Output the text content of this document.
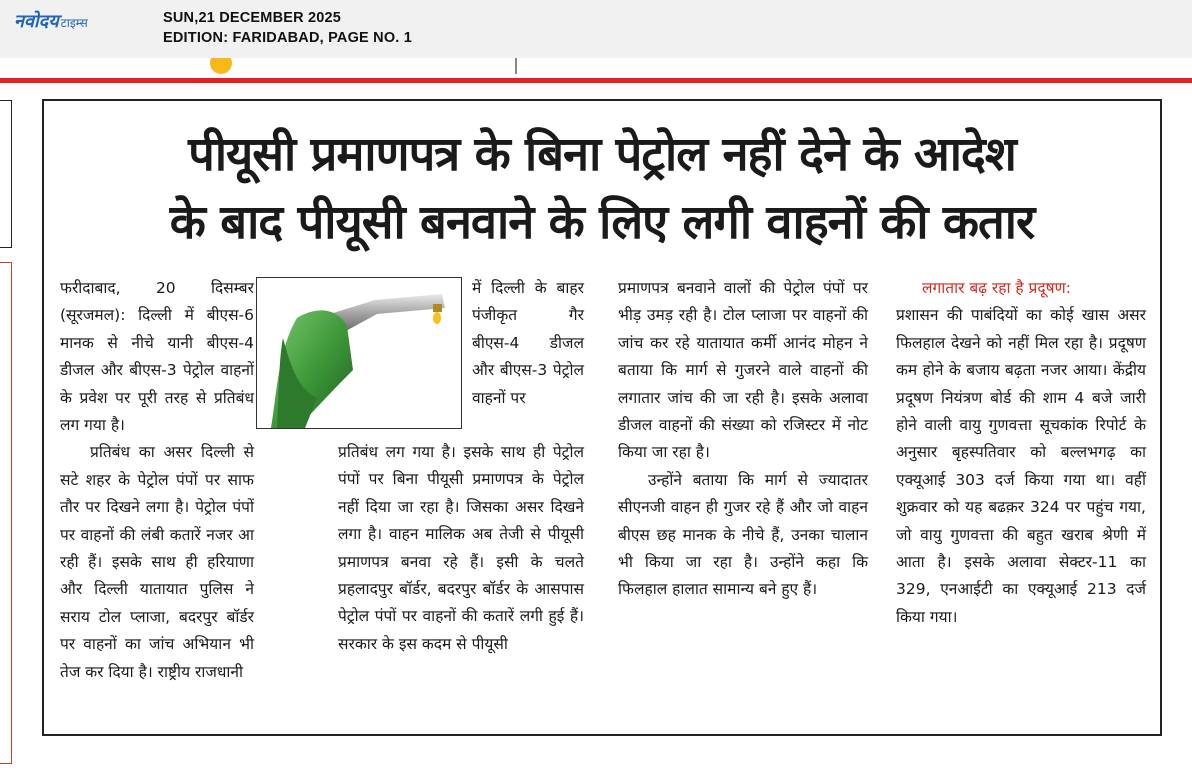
नवोदय टाइम्स	SUN,21 DECEMBER 2025
EDITION: FARIDABAD, PAGE NO. 1
पीयूसी प्रमाणपत्र के बिना पेट्रोल नहीं देने के आदेश
के बाद पीयूसी बनवाने के लिए लगी वाहनों की कतार

फरीदाबाद, 20 दिसम्बर (सूरजमल): दिल्ली में बीएस-6 मानक से नीचे यानी बीएस-4 डीजल और बीएस-3 पेट्रोल वाहनों के प्रवेश पर पूरी तरह से प्रतिबंध लग गया है।

प्रतिबंध का असर दिल्ली से सटे शहर के पेट्रोल पंपों पर साफ तौर पर दिखने लगा है। पेट्रोल पंपों पर वाहनों की लंबी कतारें नजर आ रही हैं। इसके साथ ही हरियाणा और दिल्ली यातायात पुलिस ने सराय टोल प्लाजा, बदरपुर बॉर्डर पर वाहनों का जांच अभियान भी तेज कर दिया है। राष्ट्रीय राजधानी

में दिल्ली के बाहर पंजीकृत गैर बीएस-4 डीजल और बीएस-3 पेट्रोल वाहनों पर

प्रतिबंध लग गया है। इसके साथ ही पेट्रोल पंपों पर बिना पीयूसी प्रमाणपत्र के पेट्रोल नहीं दिया जा रहा है। जिसका असर दिखने लगा है। वाहन मालिक अब तेजी से पीयूसी प्रमाणपत्र बनवा रहे हैं। इसी के चलते प्रहलादपुर बॉर्डर, बदरपुर बॉर्डर के आसपास पेट्रोल पंपों पर वाहनों की कतारें लगी हुई हैं। सरकार के इस कदम से पीयूसी

प्रमाणपत्र बनवाने वालों की पेट्रोल पंपों पर भीड़ उमड़ रही है। टोल प्लाजा पर वाहनों की जांच कर रहे यातायात कर्मी आनंद मोहन ने बताया कि मार्ग से गुजरने वाले वाहनों की लगातार जांच की जा रही है। इसके अलावा डीजल वाहनों की संख्या को रजिस्टर में नोट किया जा रहा है।

उन्होंने बताया कि मार्ग से ज्यादातर सीएनजी वाहन ही गुजर रहे हैं और जो वाहन बीएस छह मानक के नीचे हैं, उनका चालान भी किया जा रहा है। उन्होंने कहा कि फिलहाल हालात सामान्य बने हुए हैं।

लगातार बढ़ रहा है प्रदूषण:

प्रशासन की पाबंदियों का कोई खास असर फिलहाल देखने को नहीं मिल रहा है। प्रदूषण कम होने के बजाय बढ़ता नजर आया। केंद्रीय प्रदूषण नियंत्रण बोर्ड की शाम 4 बजे जारी होने वाली वायु गुणवत्ता सूचकांक रिपोर्ट के अनुसार बृहस्पतिवार को बल्लभगढ़ का एक्यूआई 303 दर्ज किया गया था। वहीं शुक्रवार को यह बढक़र 324 पर पहुंच गया, जो वायु गुणवत्ता की बहुत खराब श्रेणी में आता है। इसके अलावा सेक्टर-11 का 329, एनआईटी का एक्यूआई 213 दर्ज किया गया।
